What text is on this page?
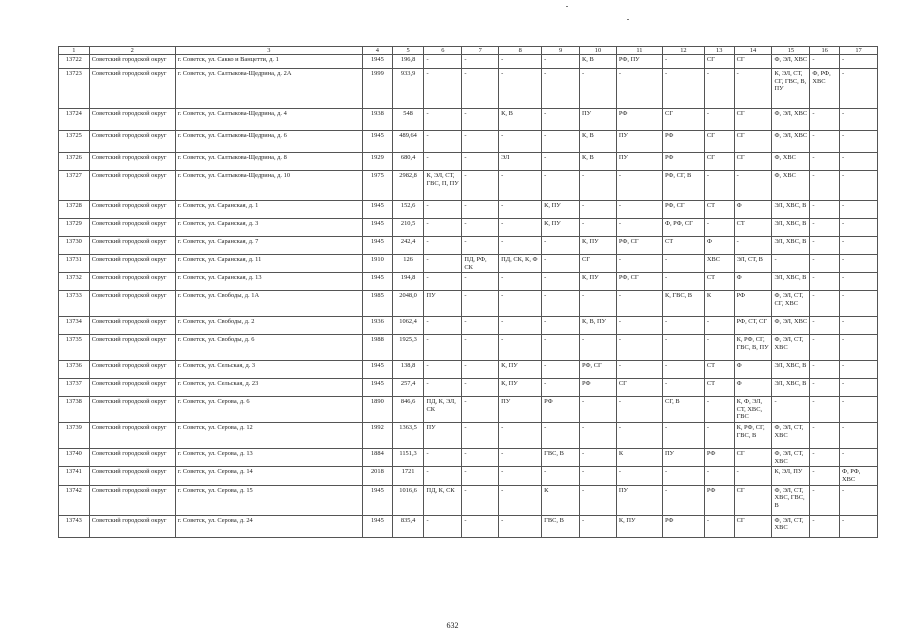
1	2	3	4	5	6	7	8	9	10	11	12	13	14	15	16	17
13722	Советский городской округ	г. Советск, ул. Сакко и Ванцетти, д. 1	1945	196,8	-	-	-	-	К, В	РФ, ПУ	-	СГ	СГ	Ф, ЭЛ, ХВС	-	-
13723	Советский городской округ	г. Советск, ул. Салтыкова-Щедрина, д. 2А	1999	933,9	-	-	-	-	-	-	-	-	-	К, ЭЛ, СТ, СГ, ГВС, В, ПУ	Ф, РФ, ХВС	-
13724	Советский городской округ	г. Советск, ул. Салтыкова-Щедрина, д. 4	1938	548	-	-	К, В	-	ПУ	РФ	СГ	-	СГ	Ф, ЭЛ, ХВС	-	-
13725	Советский городской округ	г. Советск, ул. Салтыкова-Щедрина, д. 6	1945	489,64	-	-	-	-	К, В	ПУ	РФ	СГ	СГ	Ф, ЭЛ, ХВС	-	-
13726	Советский городской округ	г. Советск, ул. Салтыкова-Щедрина, д. 8	1929	680,4	-	-	ЭЛ	-	К, В	ПУ	РФ	СГ	СГ	Ф, ХВС	-	-
13727	Советский городской округ	г. Советск, ул. Салтыкова-Щедрина, д. 10	1975	2982,8	К, ЭЛ, СТ, ГВС, П, ПУ	-	-	-	-	-	РФ, СГ, В	-	-	Ф, ХВС	-	-
13728	Советский городской округ	г. Советск, ул. Саранская, д. 1	1945	152,6	-	-	-	К, ПУ	-	-	РФ, СГ	СТ	Ф	ЭЛ, ХВС, В	-	-
13729	Советский городской округ	г. Советск, ул. Саранская, д. 3	1945	210,5	-	-	-	К, ПУ	-	-	Ф, РФ, СГ	-	СТ	ЭЛ, ХВС, В	-	-
13730	Советский городской округ	г. Советск, ул. Саранская, д. 7	1945	242,4	-	-	-	-	К, ПУ	РФ, СГ	СТ	Ф	-	ЭЛ, ХВС, В	-	-
13731	Советский городской округ	г. Советск, ул. Саранская, д. 11	1910	126	-	ПД, РФ, СК	ПД, СК, К, Ф	-	СГ	-	-	ХВС	ЭЛ, СТ, В	-	-	-
13732	Советский городской округ	г. Советск, ул. Саранская, д. 13	1945	194,8	-	-	-	-	К, ПУ	РФ, СГ	-	СТ	Ф	ЭЛ, ХВС, В	-	-
13733	Советский городской округ	г. Советск, ул. Свободы, д. 1А	1985	2048,0	ПУ	-	-	-	-	-	К, ГВС, В	К	РФ	Ф, ЭЛ, СТ, СГ, ХВС	-	-
13734	Советский городской округ	г. Советск, ул. Свободы, д. 2	1936	1062,4	-	-	-	-	К, В, ПУ	-	-	-	РФ, СТ, СГ	Ф, ЭЛ, ХВС	-	-
13735	Советский городской округ	г. Советск, ул. Свободы, д. 6	1988	1925,3	-	-	-	-	-	-	-	-	К, РФ, СГ, ГВС, В, ПУ	Ф, ЭЛ, СТ, ХВС	-	-
13736	Советский городской округ	г. Советск, ул. Сельская, д. 3	1945	138,8	-	-	К, ПУ	-	РФ, СГ	-	-	СТ	Ф	ЭЛ, ХВС, В	-	-
13737	Советский городской округ	г. Советск, ул. Сельская, д. 23	1945	257,4	-	-	К, ПУ	-	РФ	СГ	-	СТ	Ф	ЭЛ, ХВС, В	-	-
13738	Советский городской округ	г. Советск, ул. Серова, д. 6	1890	846,6	ПД, К, ЭЛ, СК	-	ПУ	РФ	-	-	СГ, В	-	К, Ф, ЭЛ, СТ, ХВС, ГВС	-	-	-
13739	Советский городской округ	г. Советск, ул. Серова, д. 12	1992	1363,5	ПУ	-	-	-	-	-	-	-	К, РФ, СГ, ГВС, В	Ф, ЭЛ, СТ, ХВС	-	-
13740	Советский городской округ	г. Советск, ул. Серова, д. 13	1884	1151,3	-	-	-	ГВС, В	-	К	ПУ	РФ	СГ	Ф, ЭЛ, СТ, ХВС	-	-
13741	Советский городской округ	г. Советск, ул. Серова, д. 14	2018	1721	-	-	-	-	-	-	-	-	-	К, ЭЛ, ПУ	-	Ф, РФ, ХВС
13742	Советский городской округ	г. Советск, ул. Серова, д. 15	1945	1016,6	ПД, К, СК	-	-	К	-	ПУ	-	РФ	СГ	Ф, ЭЛ, СТ, ХВС, ГВС, В	-	-
13743	Советский городской округ	г. Советск, ул. Серова, д. 24	1945	835,4	-	-	-	ГВС, В	-	К, ПУ	РФ	-	СГ	Ф, ЭЛ, СТ, ХВС	-	-
632
